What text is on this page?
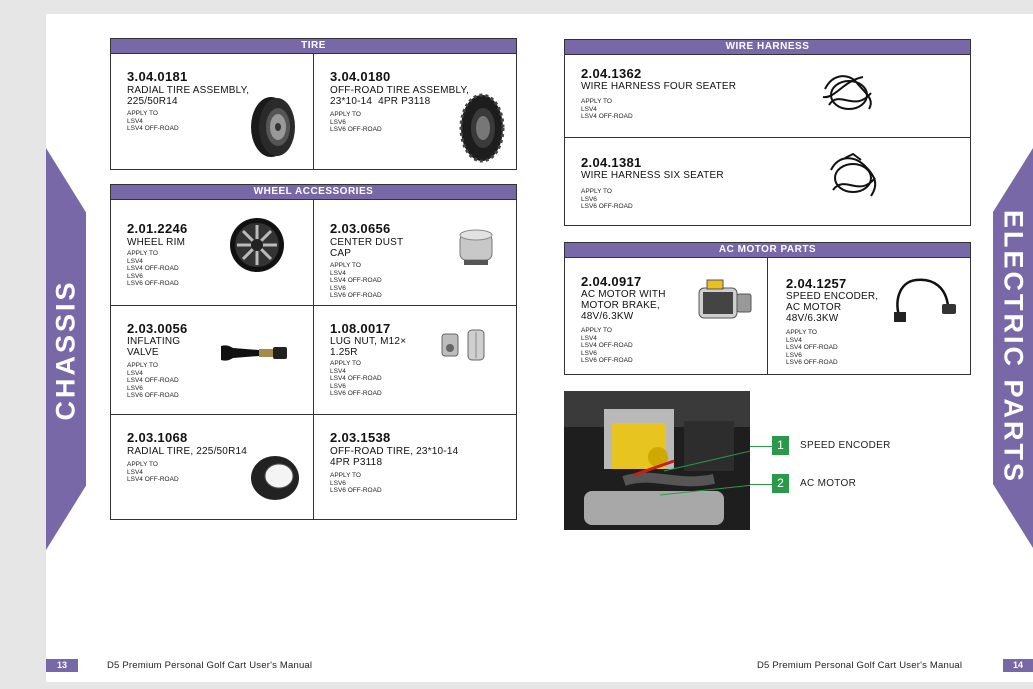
CHASSIS	ELECTRIC PARTS
TIRE
3.04.0181
RADIAL TIRE ASSEMBLY,
225/50R14
APPLY TO
LSV4
LSV4 OFF-ROAD
3.04.0180
OFF-ROAD TIRE ASSEMBLY,
23*10-14  4PR P3118
APPLY TO
LSV6
LSV6 OFF-ROAD
WHEEL ACCESSORIES
2.01.2246
WHEEL RIM
APPLY TO
LSV4
LSV4 OFF-ROAD
LSV6
LSV6 OFF-ROAD
2.03.0656
CENTER DUST
CAP
APPLY TO
LSV4
LSV4 OFF-ROAD
LSV6
LSV6 OFF-ROAD
2.03.0056
INFLATING
VALVE
APPLY TO
LSV4
LSV4 OFF-ROAD
LSV6
LSV6 OFF-ROAD
1.08.0017
LUG NUT, M12×
1.25R
APPLY TO
LSV4
LSV4 OFF-ROAD
LSV6
LSV6 OFF-ROAD
2.03.1068
RADIAL TIRE, 225/50R14
APPLY TO
LSV4
LSV4 OFF-ROAD
2.03.1538
OFF-ROAD TIRE, 23*10-14
4PR P3118
APPLY TO
LSV6
LSV6 OFF-ROAD
WIRE HARNESS
2.04.1362
WIRE HARNESS FOUR SEATER
APPLY TO
LSV4
LSV4 OFF-ROAD
2.04.1381
WIRE HARNESS SIX SEATER
APPLY TO
LSV6
LSV6 OFF-ROAD
AC MOTOR PARTS
2.04.0917
AC MOTOR WITH
MOTOR BRAKE,
48V/6.3KW
APPLY TO
LSV4
LSV4 OFF-ROAD
LSV6
LSV6 OFF-ROAD
2.04.1257
SPEED ENCODER,
AC MOTOR
48V/6.3KW
APPLY TO
LSV4
LSV4 OFF-ROAD
LSV6
LSV6 OFF-ROAD
1	SPEED ENCODER
2	AC MOTOR
13	D5 Premium Personal Golf Cart User's Manual	D5 Premium Personal Golf Cart User's Manual	14
